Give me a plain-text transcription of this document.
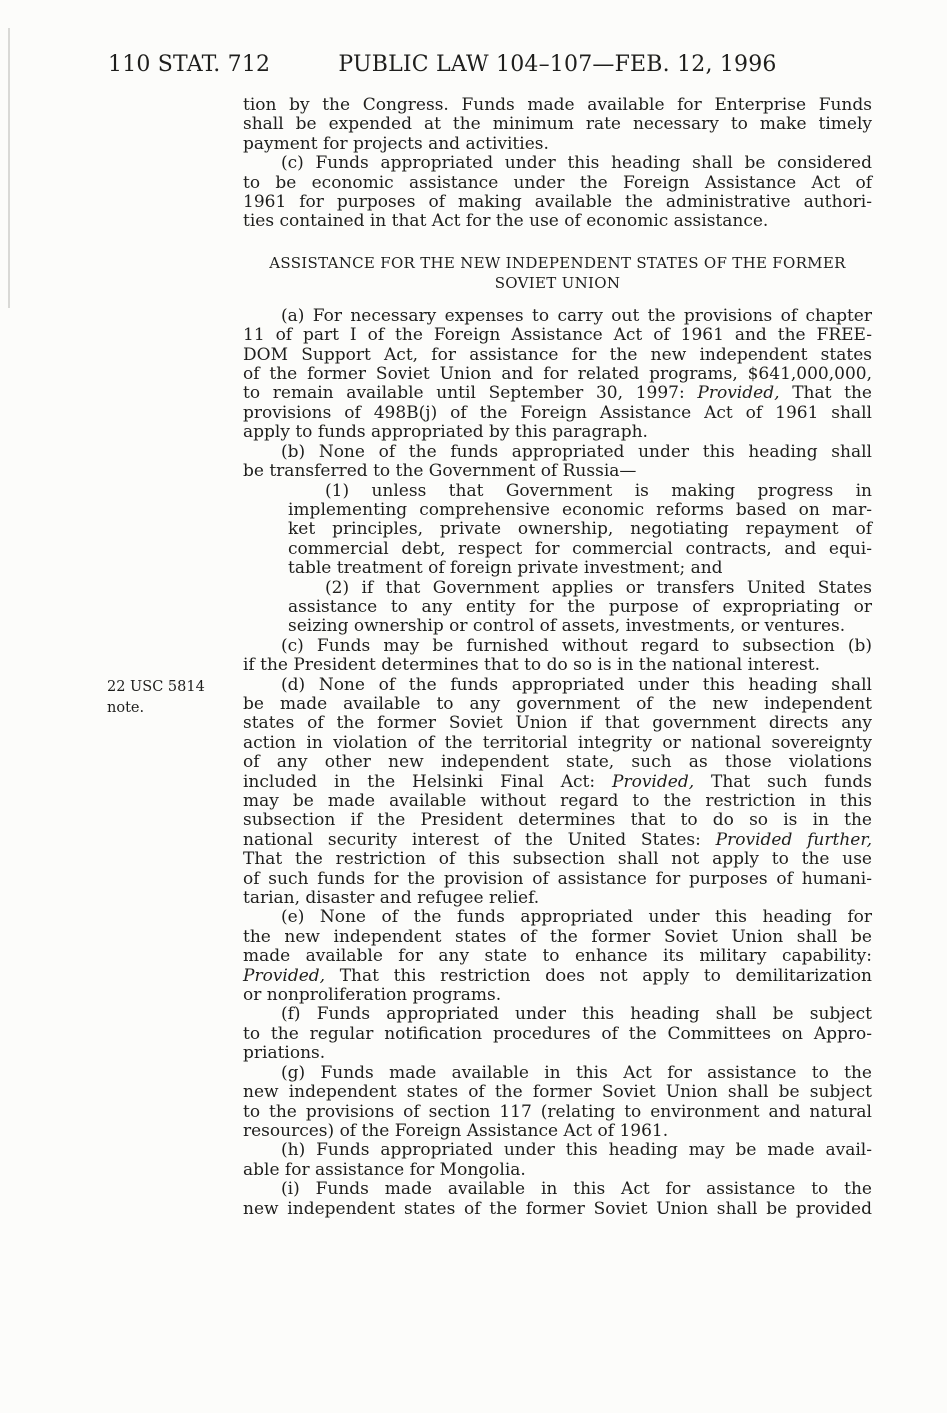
110 STAT. 712	PUBLIC LAW 104–107—FEB. 12, 1996
tion by the Congress. Funds made available for Enterprise Funds
shall be expended at the minimum rate necessary to make timely
payment for projects and activities.
(c) Funds appropriated under this heading shall be considered
to be economic assistance under the Foreign Assistance Act of
1961 for purposes of making available the administrative authori-
ties contained in that Act for the use of economic assistance.
ASSISTANCE FOR THE NEW INDEPENDENT STATES OF THE FORMER
SOVIET UNION
(a) For necessary expenses to carry out the provisions of chapter
11 of part I of the Foreign Assistance Act of 1961 and the FREE-
DOM Support Act, for assistance for the new independent states
of the former Soviet Union and for related programs, $641,000,000,
to remain available until September 30, 1997: Provided, That the
provisions of 498B(j) of the Foreign Assistance Act of 1961 shall
apply to funds appropriated by this paragraph.
(b) None of the funds appropriated under this heading shall
be transferred to the Government of Russia—
(1) unless that Government is making progress in
implementing comprehensive economic reforms based on mar-
ket principles, private ownership, negotiating repayment of
commercial debt, respect for commercial contracts, and equi-
table treatment of foreign private investment; and
(2) if that Government applies or transfers United States
assistance to any entity for the purpose of expropriating or
seizing ownership or control of assets, investments, or ventures.
(c) Funds may be furnished without regard to subsection (b)
if the President determines that to do so is in the national interest.
22 USC 5814
note.
(d) None of the funds appropriated under this heading shall
be made available to any government of the new independent
states of the former Soviet Union if that government directs any
action in violation of the territorial integrity or national sovereignty
of any other new independent state, such as those violations
included in the Helsinki Final Act: Provided, That such funds
may be made available without regard to the restriction in this
subsection if the President determines that to do so is in the
national security interest of the United States: Provided further,
That the restriction of this subsection shall not apply to the use
of such funds for the provision of assistance for purposes of humani-
tarian, disaster and refugee relief.
(e) None of the funds appropriated under this heading for
the new independent states of the former Soviet Union shall be
made available for any state to enhance its military capability:
Provided, That this restriction does not apply to demilitarization
or nonproliferation programs.
(f) Funds appropriated under this heading shall be subject
to the regular notification procedures of the Committees on Appro-
priations.
(g) Funds made available in this Act for assistance to the
new independent states of the former Soviet Union shall be subject
to the provisions of section 117 (relating to environment and natural
resources) of the Foreign Assistance Act of 1961.
(h) Funds appropriated under this heading may be made avail-
able for assistance for Mongolia.
(i) Funds made available in this Act for assistance to the
new independent states of the former Soviet Union shall be provided
